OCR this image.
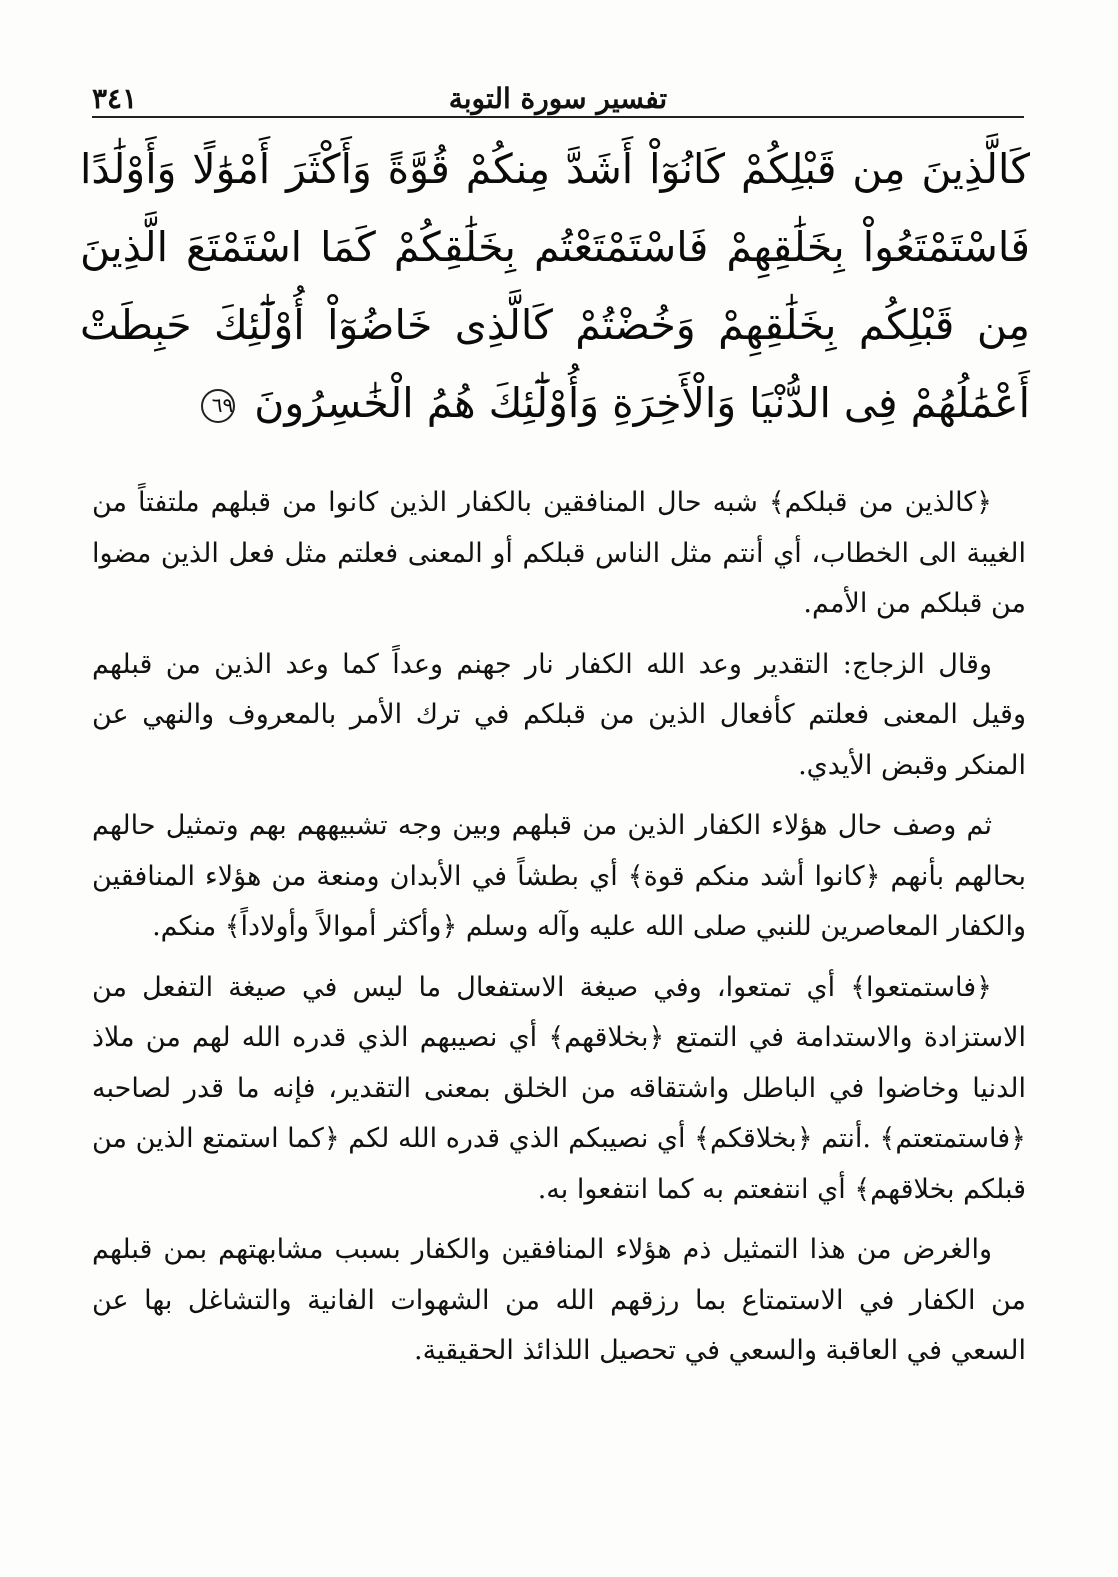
تفسير سورة التوبة
٣٤١
كَالَّذِينَ مِن قَبْلِكُمْ كَانُوٓاْ أَشَدَّ مِنكُمْ قُوَّةً وَأَكْثَرَ أَمْوَٰلًا وَأَوْلَٰدًا فَاسْتَمْتَعُواْ بِخَلَٰقِهِمْ فَاسْتَمْتَعْتُم بِخَلَٰقِكُمْ كَمَا اسْتَمْتَعَ الَّذِينَ مِن قَبْلِكُم بِخَلَٰقِهِمْ وَخُضْتُمْ كَالَّذِى خَاضُوٓاْ أُوْلَٰٓئِكَ حَبِطَتْ أَعْمَٰلُهُمْ فِى الدُّنْيَا وَالْأَخِرَةِ وَأُوْلَٰٓئِكَ هُمُ الْخَٰسِرُونَ ٦٩

﴿كالذين من قبلكم﴾ شبه حال المنافقين بالكفار الذين كانوا من قبلهم ملتفتاً من الغيبة الى الخطاب، أي أنتم مثل الناس قبلكم أو المعنى فعلتم مثل فعل الذين مضوا من قبلكم من الأمم.

وقال الزجاج: التقدير وعد الله الكفار نار جهنم وعداً كما وعد الذين من قبلهم وقيل المعنى فعلتم كأفعال الذين من قبلكم في ترك الأمر بالمعروف والنهي عن المنكر وقبض الأيدي.

ثم وصف حال هؤلاء الكفار الذين من قبلهم وبين وجه تشبيههم بهم وتمثيل حالهم بحالهم بأنهم ﴿كانوا أشد منكم قوة﴾ أي بطشاً في الأبدان ومنعة من هؤلاء المنافقين والكفار المعاصرين للنبي صلى الله عليه وآله وسلم ﴿وأكثر أموالاً وأولاداً﴾ منكم.

﴿فاستمتعوا﴾ أي تمتعوا، وفي صيغة الاستفعال ما ليس في صيغة التفعل من الاستزادة والاستدامة في التمتع ﴿بخلاقهم﴾ أي نصيبهم الذي قدره الله لهم من ملاذ الدنيا وخاضوا في الباطل واشتقاقه من الخلق بمعنى التقدير، فإنه ما قدر لصاحبه ﴿فاستمتعتم﴾ .أنتم ﴿بخلاقكم﴾ أي نصيبكم الذي قدره الله لكم ﴿كما استمتع الذين من قبلكم بخلاقهم﴾ أي انتفعتم به كما انتفعوا به.

والغرض من هذا التمثيل ذم هؤلاء المنافقين والكفار بسبب مشابهتهم بمن قبلهم من الكفار في الاستمتاع بما رزقهم الله من الشهوات الفانية والتشاغل بها عن السعي في العاقبة والسعي في تحصيل اللذائذ الحقيقية.
